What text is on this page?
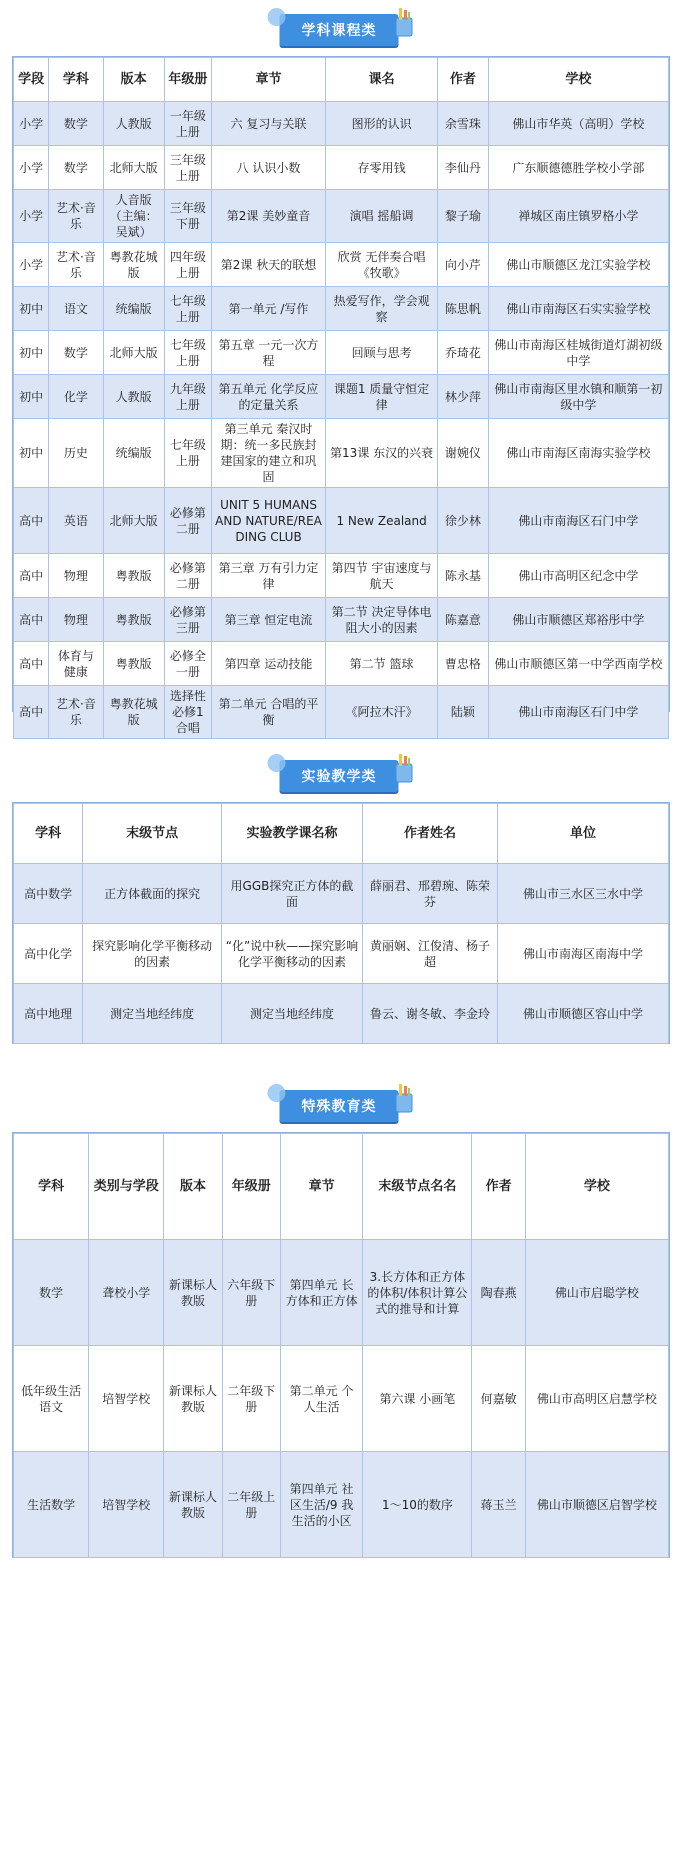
学科课程类
学段	学科	版本	年级册	章节	课名	作者	学校
小学	数学	人教版	一年级上册	六 复习与关联	图形的认识	余雪珠	佛山市华英（高明）学校
小学	数学	北师大版	三年级上册	八 认识小数	存零用钱	李仙丹	广东顺德德胜学校小学部
小学	艺术·音乐	人音版（主编：吴斌）	三年级下册	第2课 美妙童音	演唱 摇船调	黎子瑜	禅城区南庄镇罗格小学
小学	艺术·音乐	粤教花城版	四年级上册	第2课 秋天的联想	欣赏 无伴奏合唱《牧歌》	向小芹	佛山市顺德区龙江实验学校
初中	语文	统编版	七年级上册	第一单元 /写作	热爱写作，学会观察	陈思帆	佛山市南海区石实实验学校
初中	数学	北师大版	七年级上册	第五章 一元一次方程	回顾与思考	乔琦花	佛山市南海区桂城街道灯湖初级中学
初中	化学	人教版	九年级上册	第五单元 化学反应的定量关系	课题1 质量守恒定律	林少萍	佛山市南海区里水镇和顺第一初级中学
初中	历史	统编版	七年级上册	第三单元 秦汉时期：统一多民族封建国家的建立和巩固	第13课 东汉的兴衰	谢婉仪	佛山市南海区南海实验学校
高中	英语	北师大版	必修第二册	UNIT 5 HUMANS AND NATURE/READING CLUB	1 New Zealand	徐少林	佛山市南海区石门中学
高中	物理	粤教版	必修第二册	第三章 万有引力定律	第四节 宇宙速度与航天	陈永基	佛山市高明区纪念中学
高中	物理	粤教版	必修第三册	第三章 恒定电流	第二节 决定导体电阻大小的因素	陈嘉意	佛山市顺德区郑裕彤中学
高中	体育与健康	粤教版	必修全一册	第四章 运动技能	第二节 篮球	曹忠格	佛山市顺德区第一中学西南学校
高中	艺术·音乐	粤教花城版	选择性必修1 合唱	第二单元 合唱的平衡	《阿拉木汗》	陆颖	佛山市南海区石门中学
实验教学类
学科	末级节点	实验教学课名称	作者姓名	单位
高中数学	正方体截面的探究	用GGB探究正方体的截面	薛丽君、邢碧琬、陈荣芬	佛山市三水区三水中学
高中化学	探究影响化学平衡移动的因素	“化”说中秋——探究影响化学平衡移动的因素	黄丽娴、江俊清、杨子超	佛山市南海区南海中学
高中地理	测定当地经纬度	测定当地经纬度	鲁云、谢冬敏、李金玲	佛山市顺德区容山中学
特殊教育类
学科	类别与学段	版本	年级册	章节	末级节点名名	作者	学校
数学	聋校小学	新课标人教版	六年级下册	第四单元 长方体和正方体	3.长方体和正方体的体积/体积计算公式的推导和计算	陶春燕	佛山市启聪学校
低年级生活语文	培智学校	新课标人教版	二年级下册	第二单元 个人生活	第六课 小画笔	何嘉敏	佛山市高明区启慧学校
生活数学	培智学校	新课标人教版	二年级上册	第四单元 社区生活/9 我生活的小区	1～10的数序	蒋玉兰	佛山市顺德区启智学校
